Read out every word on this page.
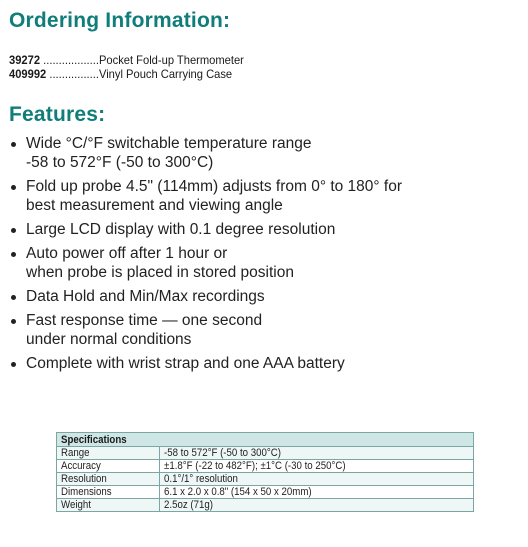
Ordering Information:
39272 ..................Pocket Fold-up Thermometer
409992 ................Vinyl Pouch Carrying Case
Features:
Wide °C/°F switchable temperature range
-58 to 572°F (-50 to 300°C)
Fold up probe 4.5" (114mm) adjusts from 0° to 180° for
best measurement and viewing angle
Large LCD display with 0.1 degree resolution
Auto power off after 1 hour or
when probe is placed in stored position
Data Hold and Min/Max recordings
Fast response time — one second
under normal conditions
Complete with wrist strap and one AAA battery
Specifications	
Range	-58 to 572°F (-50 to 300°C)
Accuracy	±1.8°F (-22 to 482°F); ±1°C (-30 to 250°C)
Resolution	0.1°/1° resolution
Dimensions	6.1 x 2.0 x 0.8" (154 x 50 x 20mm)
Weight	2.5oz (71g)
